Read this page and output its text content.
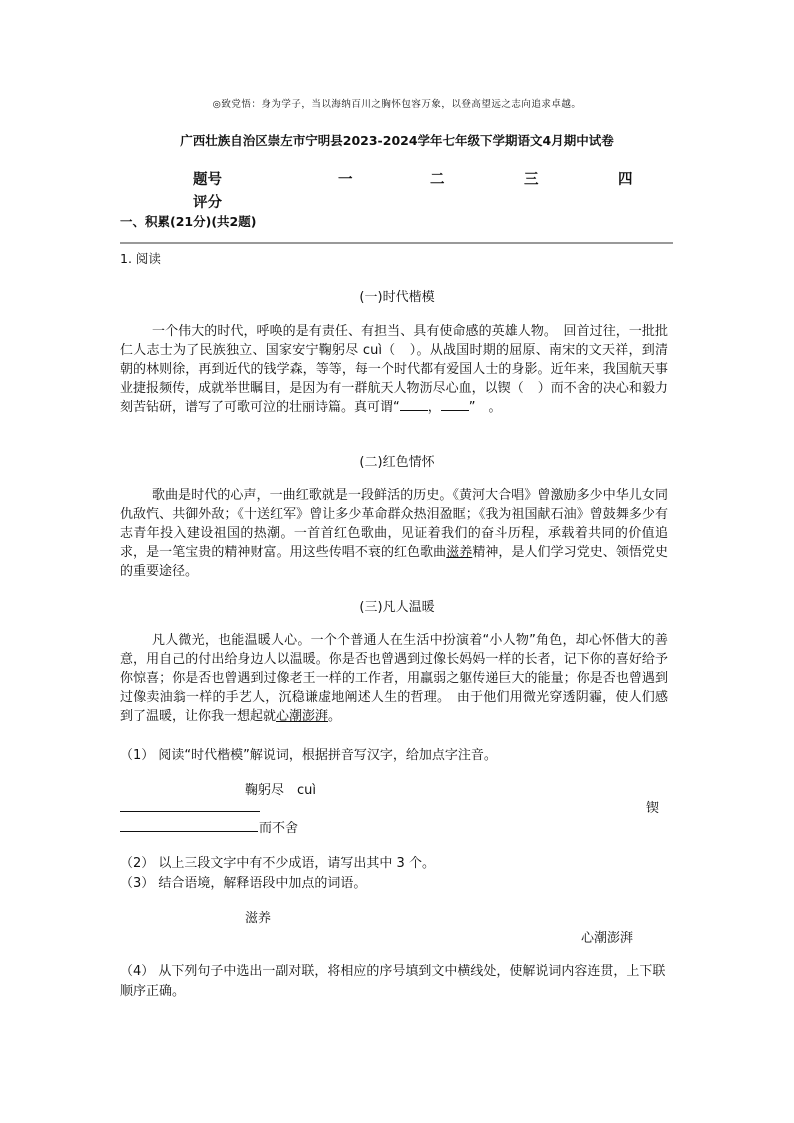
◎致党悟：身为学子，当以海纳百川之胸怀包容万象，以登高望远之志向追求卓越。
广西壮族自治区崇左市宁明县2023-2024学年七年级下学期语文4月期中试卷
题号	一	二	三	四
评分
一、积累(21分)(共2题)
1. 阅读
(一)时代楷模

一个伟大的时代，呼唤的是有责任、有担当、具有使命感的英雄人物。　回首过往，一批批仁人志士为了民族独立、国家安宁鞠躬尽 cuì（ ）。从战国时期的屈原、南宋的文天祥，到清朝的林则徐，再到近代的钱学森，等等，每一个时代都有爱国人士的身影。近年来，我国航天事业捷报频传，成就举世瞩目，是因为有一群航天人物沥尽心血，以锲（ ）而不舍的决心和毅力刻苦钻研，谱写了可歌可泣的壮丽诗篇。真可谓“ ， ”　。

(二)红色情怀

歌曲是时代的心声，一曲红歌就是一段鲜活的历史。《黄河大合唱》曾激励多少中华儿女同仇敌忾、共御外敌；《十送红军》曾让多少革命群众热泪盈眶；《我为祖国献石油》曾鼓舞多少有志青年投入建设祖国的热潮。一首首红色歌曲，见证着我们的奋斗历程，承载着共同的价值追求，是一笔宝贵的精神财富。用这些传唱不衰的红色歌曲滋养精神，是人们学习党史、领悟党史的重要途径。

(三)凡人温暖

凡人微光，也能温暖人心。一个个普通人在生活中扮演着“小人物”角色，却心怀偕大的善意，用自己的付出给身边人以温暖。你是否也曾遇到过像长妈妈一样的长者，记下你的喜好给予你惊喜；你是否也曾遇到过像老王一样的工作者，用羸弱之躯传递巨大的能量；你是否也曾遇到过像卖油翁一样的手艺人，沉稳谦虚地阐述人生的哲理。　由于他们用微光穿透阴霾，使人们感到了温暖，让你我一想起就心潮澎湃。

（1） 阅读“时代楷模”解说词，根据拼音写汉字，给加点字注音。
鞠躬尽　cuì
锲
而不舍
（2） 以上三段文字中有不少成语，请写出其中 3 个。
（3） 结合语境，解释语段中加点的词语。
滋养
心潮澎湃

（4） 从下列句子中选出一副对联，将相应的序号填到文中横线处，使解说词内容连贯，上下联顺序正确。
